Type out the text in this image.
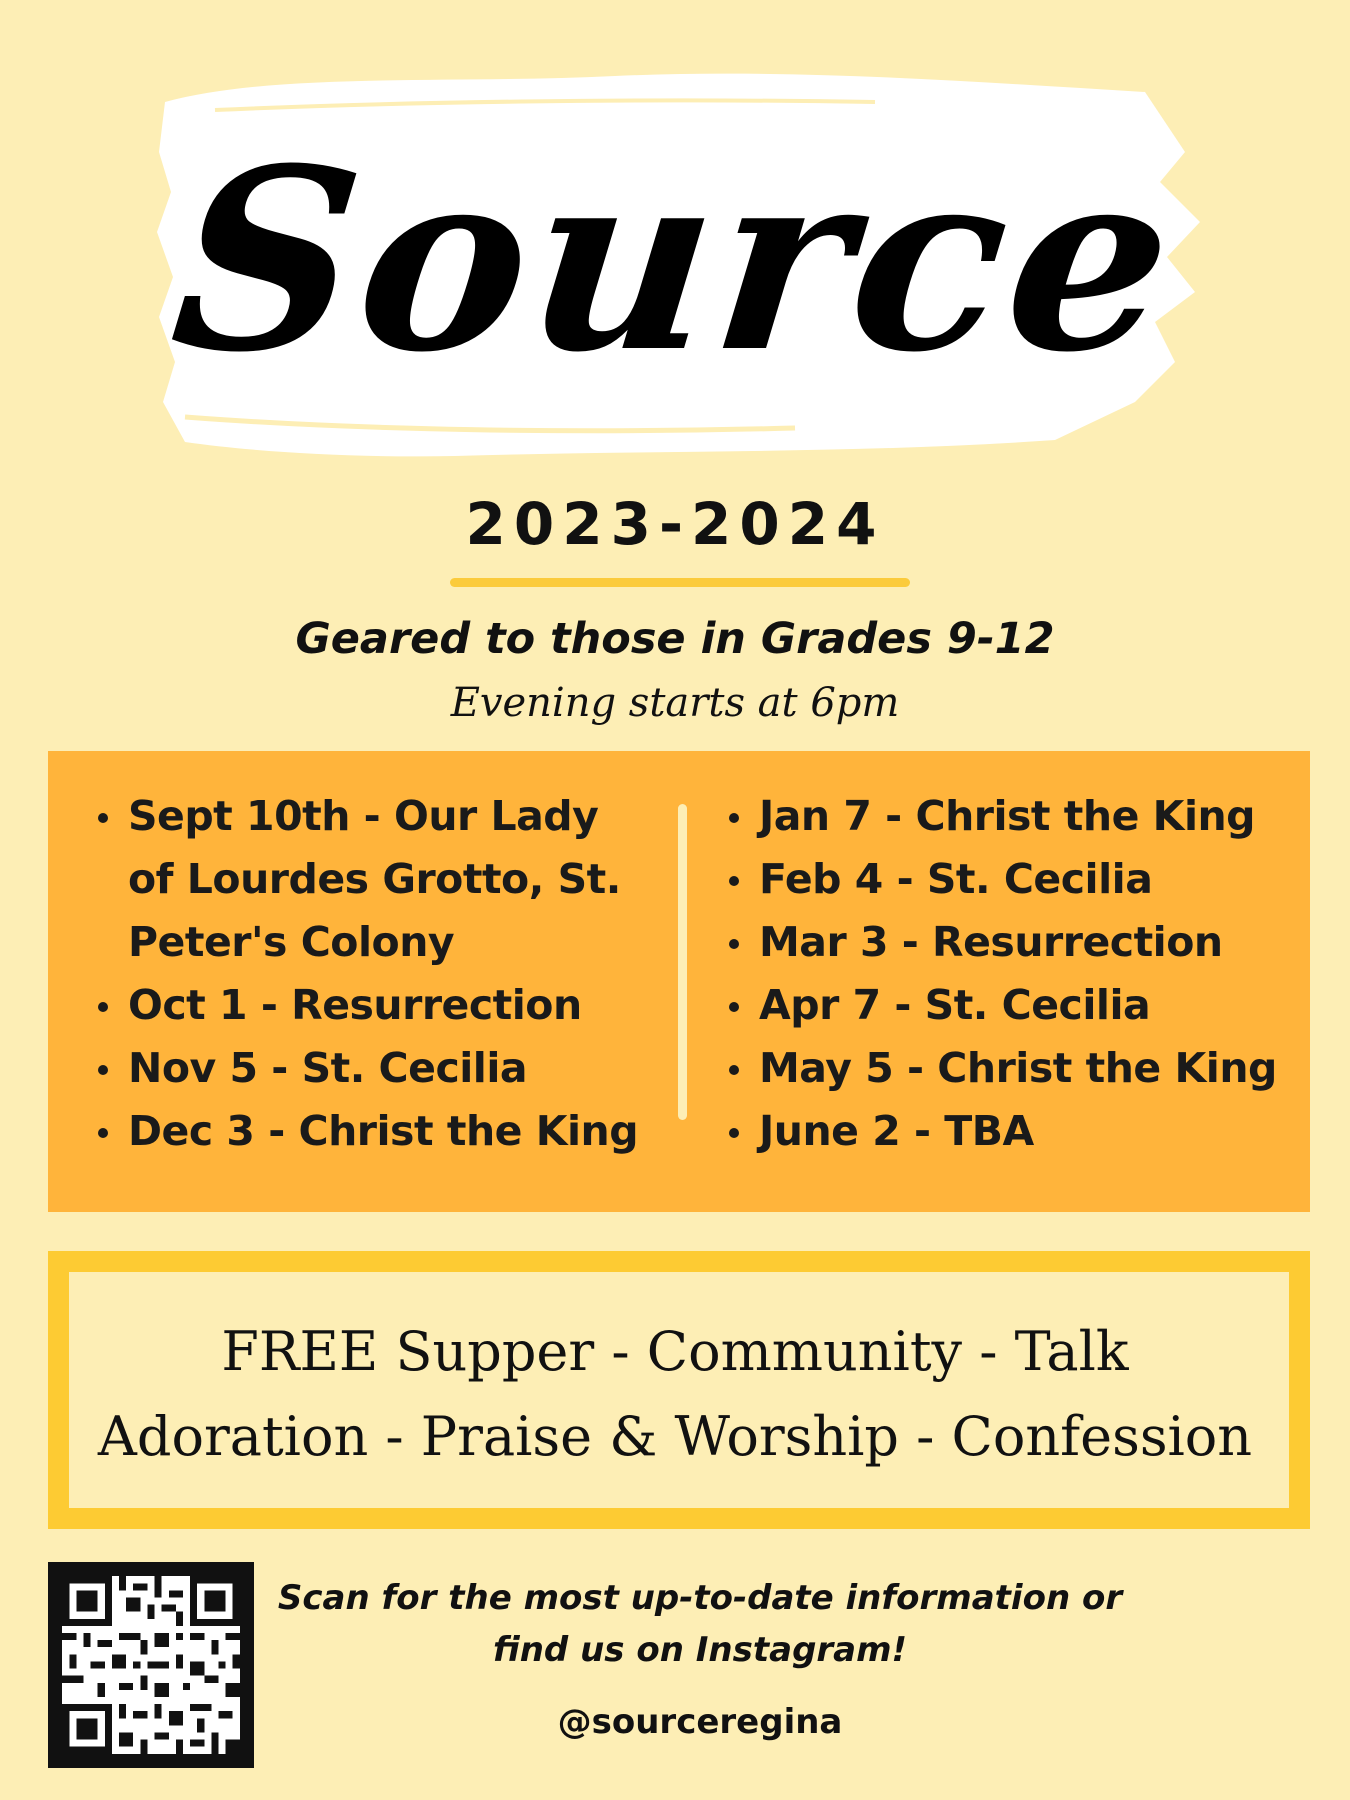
Source
2023-2024
Geared to those in Grades 9-12
Evening starts at 6pm
Sept 10th - Our Lady of Lourdes Grotto, St. Peter's Colony
Oct 1 - Resurrection
Nov 5 - St. Cecilia
Dec 3 - Christ the King
Jan 7 - Christ the King
Feb 4 - St. Cecilia
Mar 3 - Resurrection
Apr 7 - St. Cecilia
May 5 - Christ the King
June 2 - TBA
FREE Supper - Community - Talk
Adoration - Praise & Worship - Confession
Scan for the most up-to-date information or find us on Instagram!
@sourceregina
